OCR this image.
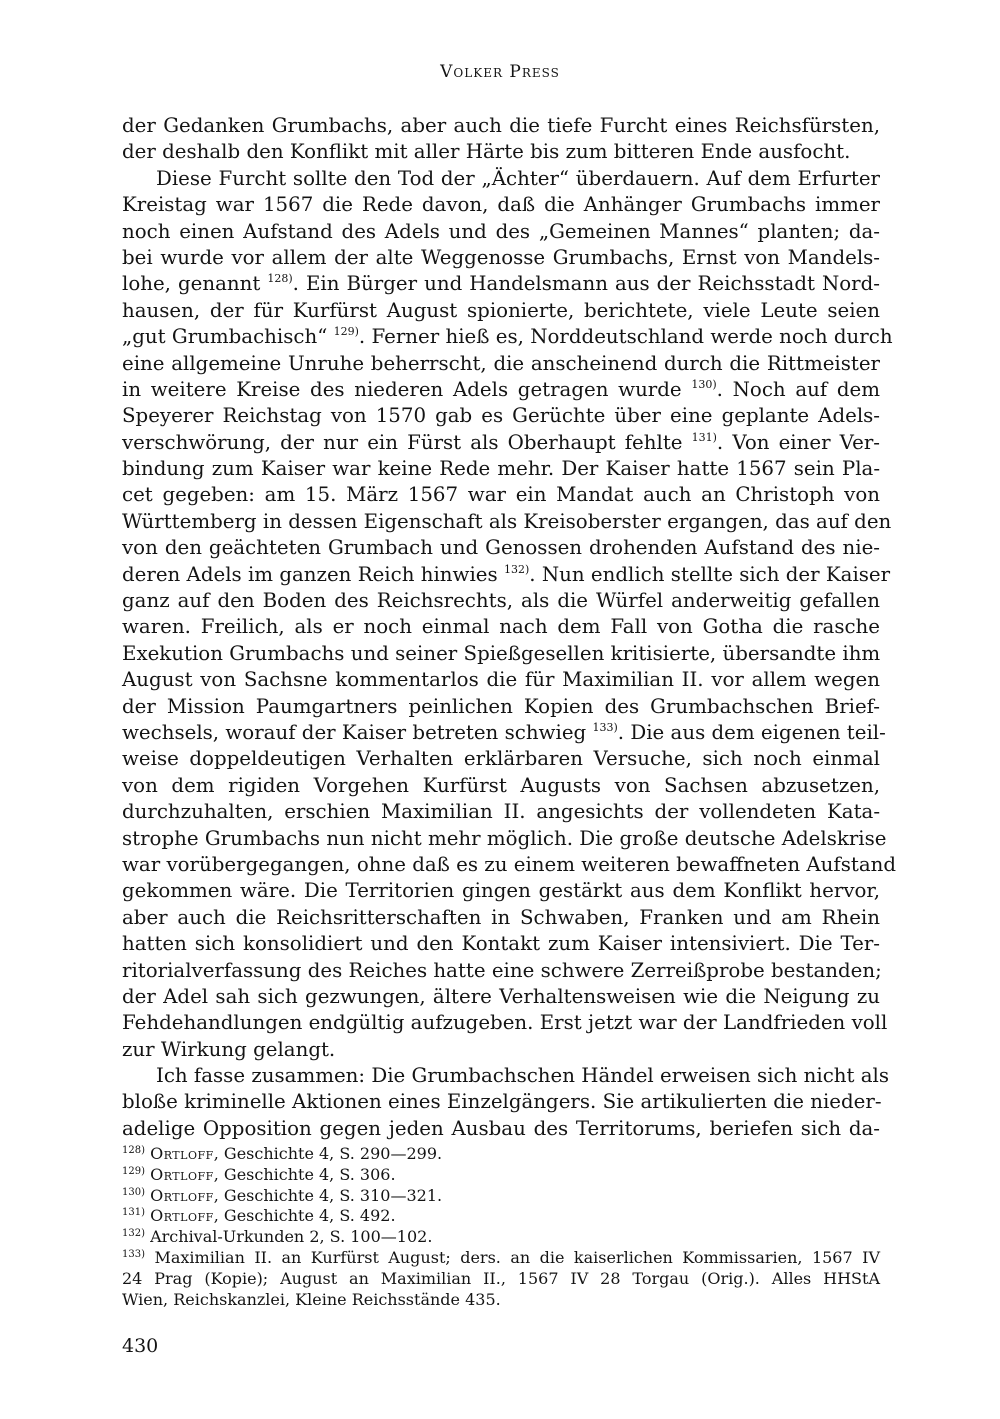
Volker Press
der Gedanken Grumbachs, aber auch die tiefe Furcht eines Reichsfürsten,
der deshalb den Konflikt mit aller Härte bis zum bitteren Ende ausfocht.
Diese Furcht sollte den Tod der „Ächter“ überdauern. Auf dem Erfurter
Kreistag war 1567 die Rede davon, daß die Anhänger Grumbachs immer
noch einen Aufstand des Adels und des „Gemeinen Mannes“ planten; da-
bei wurde vor allem der alte Weggenosse Grumbachs, Ernst von Mandels-
lohe, genannt $^{128)}$. Ein Bürger und Handelsmann aus der Reichsstadt Nord-
hausen, der für Kurfürst August spionierte, berichtete, viele Leute seien
„gut Grumbachisch“ $^{129)}$. Ferner hieß es, Norddeutschland werde noch durch
eine allgemeine Unruhe beherrscht, die anscheinend durch die Rittmeister
in weitere Kreise des niederen Adels getragen wurde $^{130)}$. Noch auf dem
Speyerer Reichstag von 1570 gab es Gerüchte über eine geplante Adels-
verschwörung, der nur ein Fürst als Oberhaupt fehlte $^{131)}$. Von einer Ver-
bindung zum Kaiser war keine Rede mehr. Der Kaiser hatte 1567 sein Pla-
cet gegeben: am 15. März 1567 war ein Mandat auch an Christoph von
Württemberg in dessen Eigenschaft als Kreisoberster ergangen, das auf den
von den geächteten Grumbach und Genossen drohenden Aufstand des nie-
deren Adels im ganzen Reich hinwies $^{132)}$. Nun endlich stellte sich der Kaiser
ganz auf den Boden des Reichsrechts, als die Würfel anderweitig gefallen
waren. Freilich, als er noch einmal nach dem Fall von Gotha die rasche
Exekution Grumbachs und seiner Spießgesellen kritisierte, übersandte ihm
August von Sachsne kommentarlos die für Maximilian II. vor allem wegen
der Mission Paumgartners peinlichen Kopien des Grumbachschen Brief-
wechsels, worauf der Kaiser betreten schwieg $^{133)}$. Die aus dem eigenen teil-
weise doppeldeutigen Verhalten erklärbaren Versuche, sich noch einmal
von dem rigiden Vorgehen Kurfürst Augusts von Sachsen abzusetzen,
durchzuhalten, erschien Maximilian II. angesichts der vollendeten Kata-
strophe Grumbachs nun nicht mehr möglich. Die große deutsche Adelskrise
war vorübergegangen, ohne daß es zu einem weiteren bewaffneten Aufstand
gekommen wäre. Die Territorien gingen gestärkt aus dem Konflikt hervor,
aber auch die Reichsritterschaften in Schwaben, Franken und am Rhein
hatten sich konsolidiert und den Kontakt zum Kaiser intensiviert. Die Ter-
ritorialverfassung des Reiches hatte eine schwere Zerreißprobe bestanden;
der Adel sah sich gezwungen, ältere Verhaltensweisen wie die Neigung zu
Fehdehandlungen endgültig aufzugeben. Erst jetzt war der Landfrieden voll
zur Wirkung gelangt.
Ich fasse zusammen: Die Grumbachschen Händel erweisen sich nicht als
bloße kriminelle Aktionen eines Einzelgängers. Sie artikulierten die nieder-
adelige Opposition gegen jeden Ausbau des Territorums, beriefen sich da-
$^{128)}$ Ortloff, Geschichte 4, S. 290—299.
$^{129)}$ Ortloff, Geschichte 4, S. 306.
$^{130)}$ Ortloff, Geschichte 4, S. 310—321.
$^{131)}$ Ortloff, Geschichte 4, S. 492.
$^{132)}$ Archival-Urkunden 2, S. 100—102.
$^{133)}$ Maximilian II. an Kurfürst August; ders. an die kaiserlichen Kommissarien, 1567 IV
24 Prag (Kopie); August an Maximilian II., 1567 IV 28 Torgau (Orig.). Alles HHStA
Wien, Reichskanzlei, Kleine Reichsstände 435.
430
